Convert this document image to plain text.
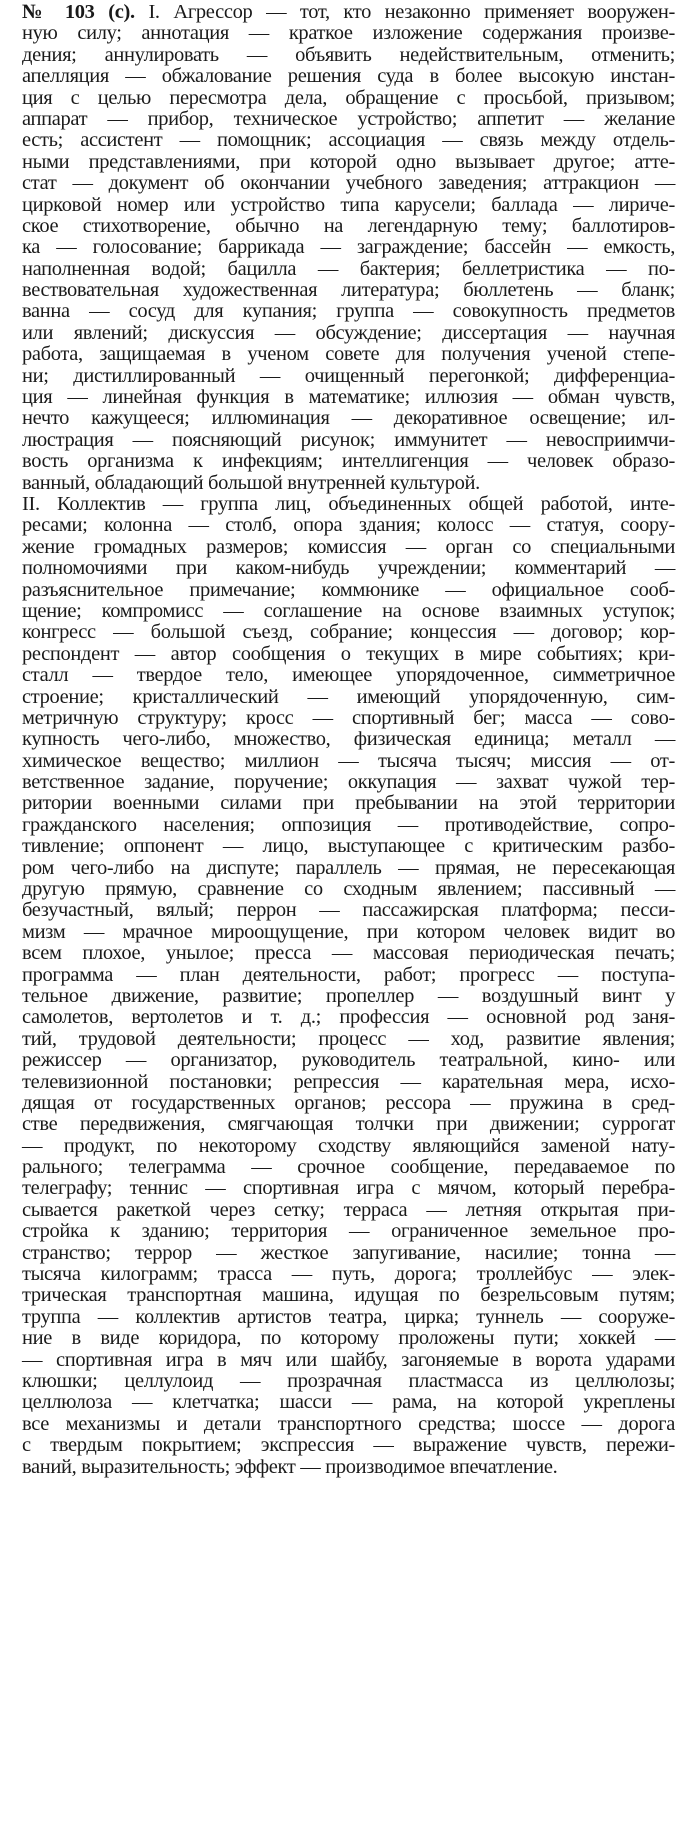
№ 103 (с). I. Агрессор — тот, кто незаконно применяет вооружен-
ную силу; аннотация — краткое изложение содержания произве-
дения; аннулировать — объявить недействительным, отменить;
апелляция — обжалование решения суда в более высокую инстан-
ция с целью пересмотра дела, обращение с просьбой, призывом;
аппарат — прибор, техническое устройство; аппетит — желание
есть; ассистент — помощник; ассоциация — связь между отдель-
ными представлениями, при которой одно вызывает другое; атте-
стат — документ об окончании учебного заведения; аттракцион —
цирковой номер или устройство типа карусели; баллада — лириче-
ское стихотворение, обычно на легендарную тему; баллотиров-
ка — голосование; баррикада — заграждение; бассейн — емкость,
наполненная водой; бацилла — бактерия; беллетристика — по-
вествовательная художественная литература; бюллетень — бланк;
ванна — сосуд для купания; группа — совокупность предметов
или явлений; дискуссия — обсуждение; диссертация — научная
работа, защищаемая в ученом совете для получения ученой степе-
ни; дистиллированный — очищенный перегонкой; дифференциа-
ция — линейная функция в математике; иллюзия — обман чувств,
нечто кажущееся; иллюминация — декоративное освещение; ил-
люстрация — поясняющий рисунок; иммунитет — невосприимчи-
вость организма к инфекциям; интеллигенция — человек образо-
ванный, обладающий большой внутренней культурой.
II. Коллектив — группа лиц, объединенных общей работой, инте-
ресами; колонна — столб, опора здания; колосс — статуя, соору-
жение громадных размеров; комиссия — орган со специальными
полномочиями при каком-нибудь учреждении; комментарий —
разъяснительное примечание; коммюнике — официальное сооб-
щение; компромисс — соглашение на основе взаимных уступок;
конгресс — большой съезд, собрание; концессия — договор; кор-
респондент — автор сообщения о текущих в мире событиях; кри-
сталл — твердое тело, имеющее упорядоченное, симметричное
строение; кристаллический — имеющий упорядоченную, сим-
метричную структуру; кросс — спортивный бег; масса — сово-
купность чего-либо, множество, физическая единица; металл —
химическое вещество; миллион — тысяча тысяч; миссия — от-
ветственное задание, поручение; оккупация — захват чужой тер-
ритории военными силами при пребывании на этой территории
гражданского населения; оппозиция — противодействие, сопро-
тивление; оппонент — лицо, выступающее с критическим разбо-
ром чего-либо на диспуте; параллель — прямая, не пересекающая
другую прямую, сравнение со сходным явлением; пассивный —
безучастный, вялый; перрон — пассажирская платформа; песси-
мизм — мрачное мироощущение, при котором человек видит во
всем плохое, унылое; пресса — массовая периодическая печать;
программа — план деятельности, работ; прогресс — поступа-
тельное движение, развитие; пропеллер — воздушный винт у
самолетов, вертолетов и т. д.; профессия — основной род заня-
тий, трудовой деятельности; процесс — ход, развитие явления;
режиссер — организатор, руководитель театральной, кино- или
телевизионной постановки; репрессия — карательная мера, исхо-
дящая от государственных органов; рессора — пружина в сред-
стве передвижения, смягчающая толчки при движении; суррогат
— продукт, по некоторому сходству являющийся заменой нату-
рального; телеграмма — срочное сообщение, передаваемое по
телеграфу; теннис — спортивная игра с мячом, который перебра-
сывается ракеткой через сетку; терраса — летняя открытая при-
стройка к зданию; территория — ограниченное земельное про-
странство; террор — жесткое запугивание, насилие; тонна —
тысяча килограмм; трасса — путь, дорога; троллейбус — элек-
трическая транспортная машина, идущая по безрельсовым путям;
труппа — коллектив артистов театра, цирка; туннель — сооруже-
ние в виде коридора, по которому проложены пути; хоккей —
— спортивная игра в мяч или шайбу, загоняемые в ворота ударами
клюшки; целлулоид — прозрачная пластмасса из целлюлозы;
целлюлоза — клетчатка; шасси — рама, на которой укреплены
все механизмы и детали транспортного средства; шоссе — дорога
с твердым покрытием; экспрессия — выражение чувств, пережи-
ваний, выразительность; эффект — производимое впечатление.
